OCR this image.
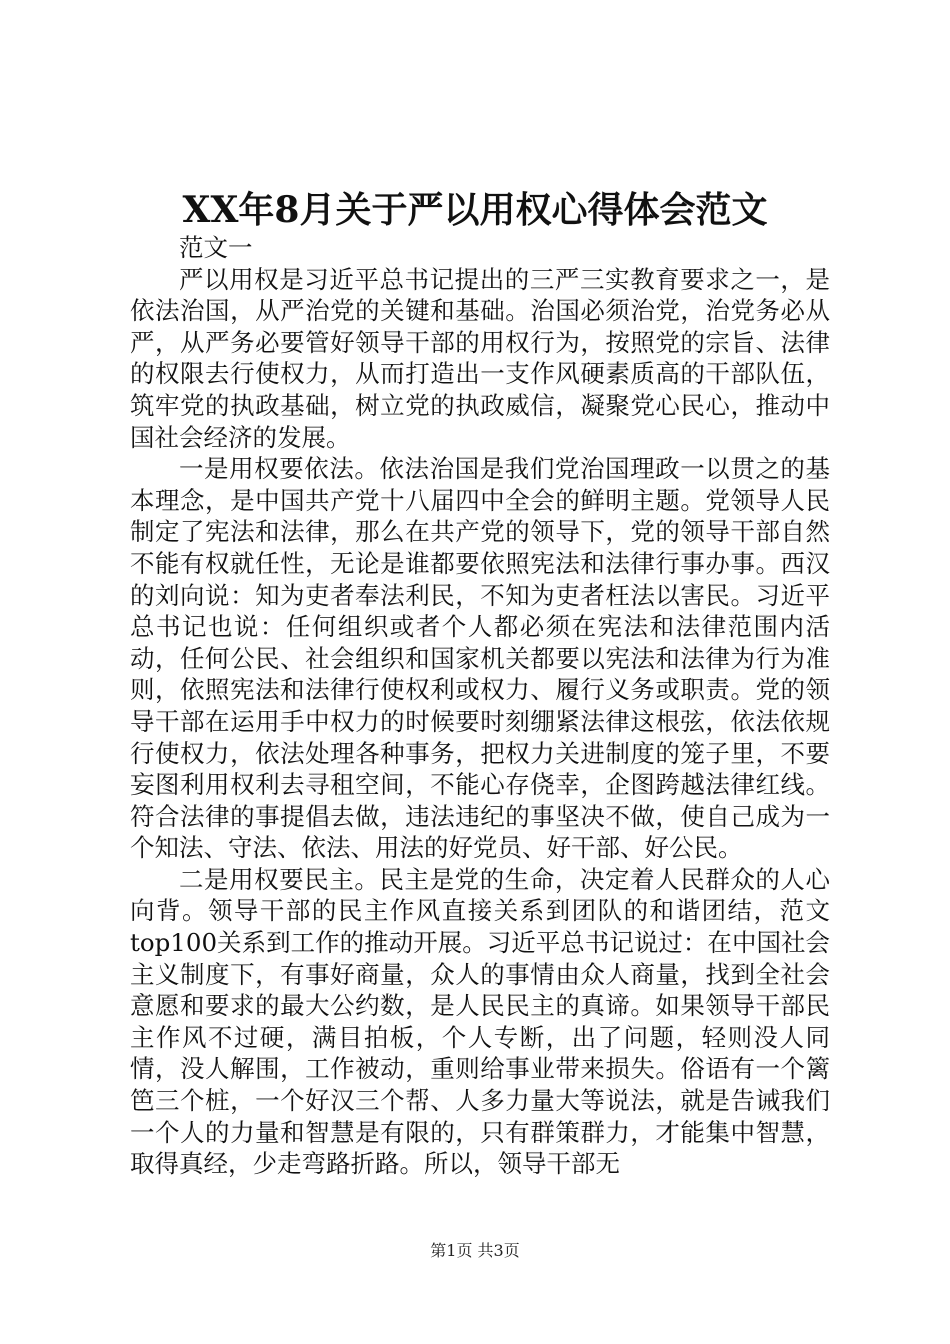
XX年8月关于严以用权心得体会范文

范文一

严以用权是习近平总书记提出的三严三实教育要求之一，是依法治国，从严治党的关键和基础。治国必须治党，治党务必从严，从严务必要管好领导干部的用权行为，按照党的宗旨、法律的权限去行使权力，从而打造出一支作风硬素质高的干部队伍，筑牢党的执政基础，树立党的执政威信，凝聚党心民心，推动中国社会经济的发展。

一是用权要依法。依法治国是我们党治国理政一以贯之的基本理念，是中国共产党十八届四中全会的鲜明主题。党领导人民制定了宪法和法律，那么在共产党的领导下，党的领导干部自然不能有权就任性，无论是谁都要依照宪法和法律行事办事。西汉的刘向说：知为吏者奉法利民，不知为吏者枉法以害民。习近平总书记也说：任何组织或者个人都必须在宪法和法律范围内活动，任何公民、社会组织和国家机关都要以宪法和法律为行为准则，依照宪法和法律行使权利或权力、履行义务或职责。党的领导干部在运用手中权力的时候要时刻绷紧法律这根弦，依法依规行使权力，依法处理各种事务，把权力关进制度的笼子里，不要妄图利用权利去寻租空间，不能心存侥幸，企图跨越法律红线。符合法律的事提倡去做，违法违纪的事坚决不做，使自己成为一个知法、守法、依法、用法的好党员、好干部、好公民。

二是用权要民主。民主是党的生命，决定着人民群众的人心向背。领导干部的民主作风直接关系到团队的和谐团结，范文top100关系到工作的推动开展。习近平总书记说过：在中国社会主义制度下，有事好商量，众人的事情由众人商量，找到全社会意愿和要求的最大公约数，是人民民主的真谛。如果领导干部民主作风不过硬，满目拍板，个人专断，出了问题，轻则没人同情，没人解围，工作被动，重则给事业带来损失。俗语有一个篱笆三个桩，一个好汉三个帮、人多力量大等说法，就是告诫我们一个人的力量和智慧是有限的，只有群策群力，才能集中智慧，取得真经，少走弯路折路。所以，领导干部无

第1页 共3页
